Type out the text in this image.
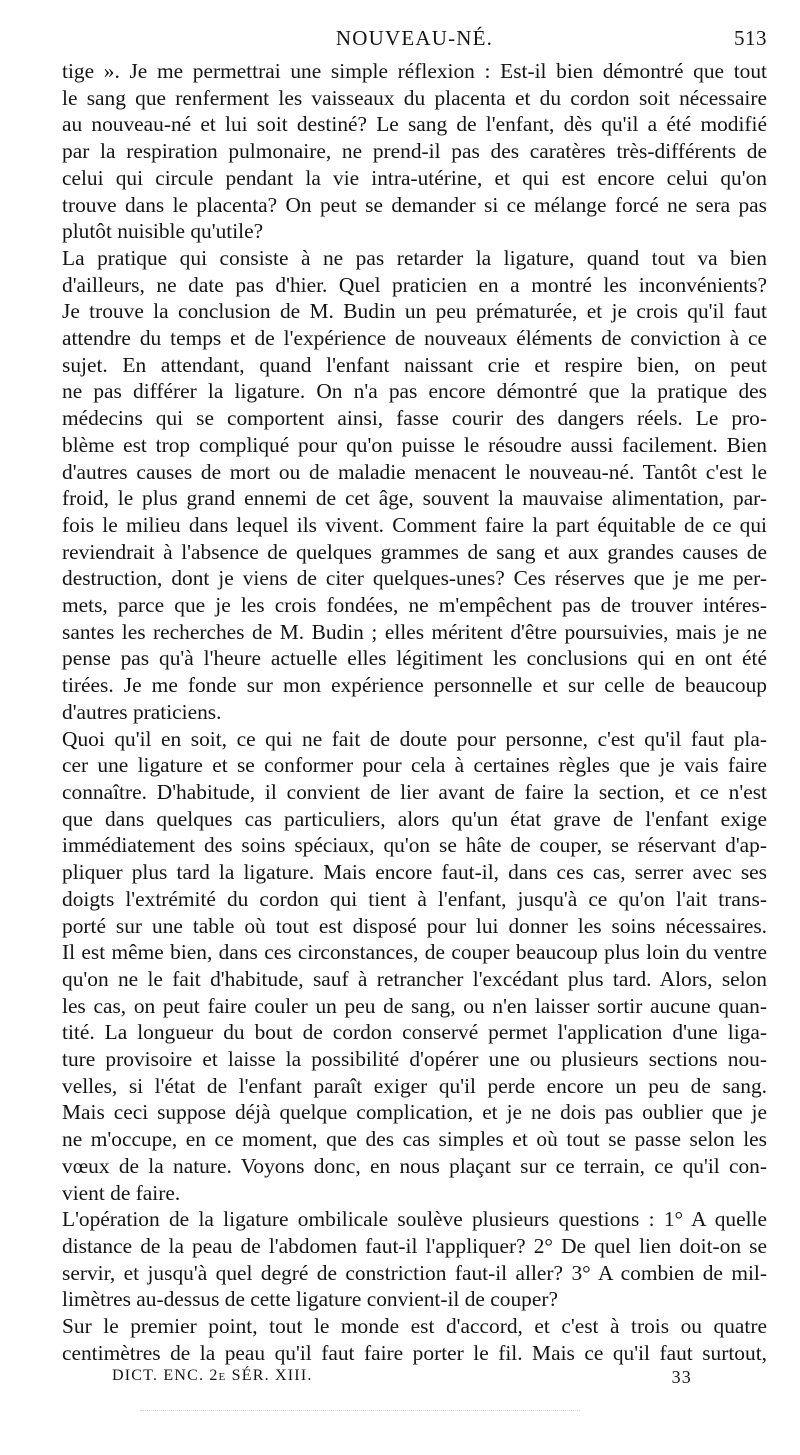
NOUVEAU-NÉ.	513

tige ». Je me permettrai une simple réflexion : Est-il bien démontré que tout
le sang que renferment les vaisseaux du placenta et du cordon soit nécessaire
au nouveau-né et lui soit destiné? Le sang de l'enfant, dès qu'il a été modifié
par la respiration pulmonaire, ne prend-il pas des caratères très-différents de
celui qui circule pendant la vie intra-utérine, et qui est encore celui qu'on
trouve dans le placenta? On peut se demander si ce mélange forcé ne sera pas
plutôt nuisible qu'utile?

La pratique qui consiste à ne pas retarder la ligature, quand tout va bien
d'ailleurs, ne date pas d'hier. Quel praticien en a montré les inconvénients?
Je trouve la conclusion de M. Budin un peu prématurée, et je crois qu'il faut
attendre du temps et de l'expérience de nouveaux éléments de conviction à ce
sujet. En attendant, quand l'enfant naissant crie et respire bien, on peut
ne pas différer la ligature. On n'a pas encore démontré que la pratique des
médecins qui se comportent ainsi, fasse courir des dangers réels. Le pro-
blème est trop compliqué pour qu'on puisse le résoudre aussi facilement. Bien
d'autres causes de mort ou de maladie menacent le nouveau-né. Tantôt c'est le
froid, le plus grand ennemi de cet âge, souvent la mauvaise alimentation, par-
fois le milieu dans lequel ils vivent. Comment faire la part équitable de ce qui
reviendrait à l'absence de quelques grammes de sang et aux grandes causes de
destruction, dont je viens de citer quelques-unes? Ces réserves que je me per-
mets, parce que je les crois fondées, ne m'empêchent pas de trouver intéres-
santes les recherches de M. Budin ; elles méritent d'être poursuivies, mais je ne
pense pas qu'à l'heure actuelle elles légitiment les conclusions qui en ont été
tirées. Je me fonde sur mon expérience personnelle et sur celle de beaucoup
d'autres praticiens.

Quoi qu'il en soit, ce qui ne fait de doute pour personne, c'est qu'il faut pla-
cer une ligature et se conformer pour cela à certaines règles que je vais faire
connaître. D'habitude, il convient de lier avant de faire la section, et ce n'est
que dans quelques cas particuliers, alors qu'un état grave de l'enfant exige
immédiatement des soins spéciaux, qu'on se hâte de couper, se réservant d'ap-
pliquer plus tard la ligature. Mais encore faut-il, dans ces cas, serrer avec ses
doigts l'extrémité du cordon qui tient à l'enfant, jusqu'à ce qu'on l'ait trans-
porté sur une table où tout est disposé pour lui donner les soins nécessaires.
Il est même bien, dans ces circonstances, de couper beaucoup plus loin du ventre
qu'on ne le fait d'habitude, sauf à retrancher l'excédant plus tard. Alors, selon
les cas, on peut faire couler un peu de sang, ou n'en laisser sortir aucune quan-
tité. La longueur du bout de cordon conservé permet l'application d'une liga-
ture provisoire et laisse la possibilité d'opérer une ou plusieurs sections nou-
velles, si l'état de l'enfant paraît exiger qu'il perde encore un peu de sang.
Mais ceci suppose déjà quelque complication, et je ne dois pas oublier que je
ne m'occupe, en ce moment, que des cas simples et où tout se passe selon les
vœux de la nature. Voyons donc, en nous plaçant sur ce terrain, ce qu'il con-
vient de faire.

L'opération de la ligature ombilicale soulève plusieurs questions : 1° A quelle
distance de la peau de l'abdomen faut-il l'appliquer? 2° De quel lien doit-on se
servir, et jusqu'à quel degré de constriction faut-il aller? 3° A combien de mil-
limètres au-dessus de cette ligature convient-il de couper?

Sur le premier point, tout le monde est d'accord, et c'est à trois ou quatre
centimètres de la peau qu'il faut faire porter le fil. Mais ce qu'il faut surtout,

DICT. ENC. 2e SÉR. XIII.	33
